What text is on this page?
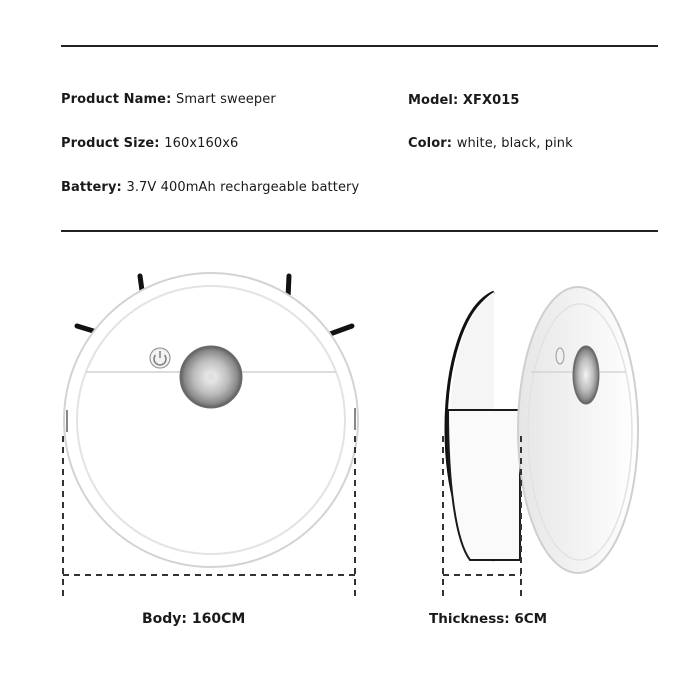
Product Name: Smart sweeper	Model: XFX015
Product Size: 160x160x6	Color: white, black, pink
Battery: 3.7V 400mAh rechargeable battery
Body: 160CM	Thickness: 6CM
